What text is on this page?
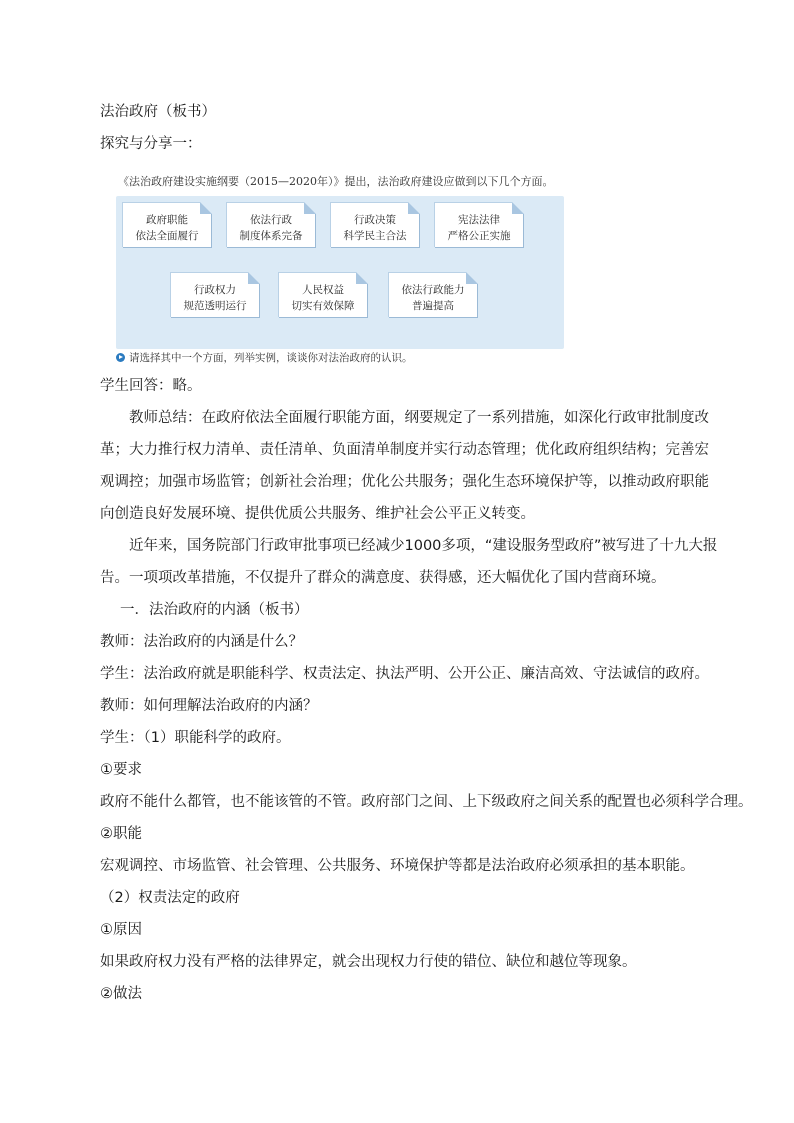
法治政府（板书）
探究与分享一：
《法治政府建设实施纲要（2015—2020年）》提出，法治政府建设应做到以下几个方面。
政府职能
依法全面履行
依法行政
制度体系完备
行政决策
科学民主合法
宪法法律
严格公正实施
行政权力
规范透明运行
人民权益
切实有效保障
依法行政能力
普遍提高
请选择其中一个方面，列举实例，谈谈你对法治政府的认识。
学生回答：略。
教师总结：在政府依法全面履行职能方面，纲要规定了一系列措施，如深化行政审批制度改革；大力推行权力清单、责任清单、负面清单制度并实行动态管理；优化政府组织结构；完善宏观调控；加强市场监管；创新社会治理；优化公共服务；强化生态环境保护等，以推动政府职能向创造良好发展环境、提供优质公共服务、维护社会公平正义转变。
近年来，国务院部门行政审批事项已经减少1000多项，“建设服务型政府”被写进了十九大报告。一项项改革措施，不仅提升了群众的满意度、获得感，还大幅优化了国内营商环境。
一．法治政府的内涵（板书）
教师：法治政府的内涵是什么？
学生：法治政府就是职能科学、权责法定、执法严明、公开公正、廉洁高效、守法诚信的政府。
教师：如何理解法治政府的内涵？
学生：（1）职能科学的政府。
①要求
政府不能什么都管，也不能该管的不管。政府部门之间、上下级政府之间关系的配置也必须科学合理。
②职能
宏观调控、市场监管、社会管理、公共服务、环境保护等都是法治政府必须承担的基本职能。
（2）权责法定的政府
①原因
如果政府权力没有严格的法律界定，就会出现权力行使的错位、缺位和越位等现象。
②做法
